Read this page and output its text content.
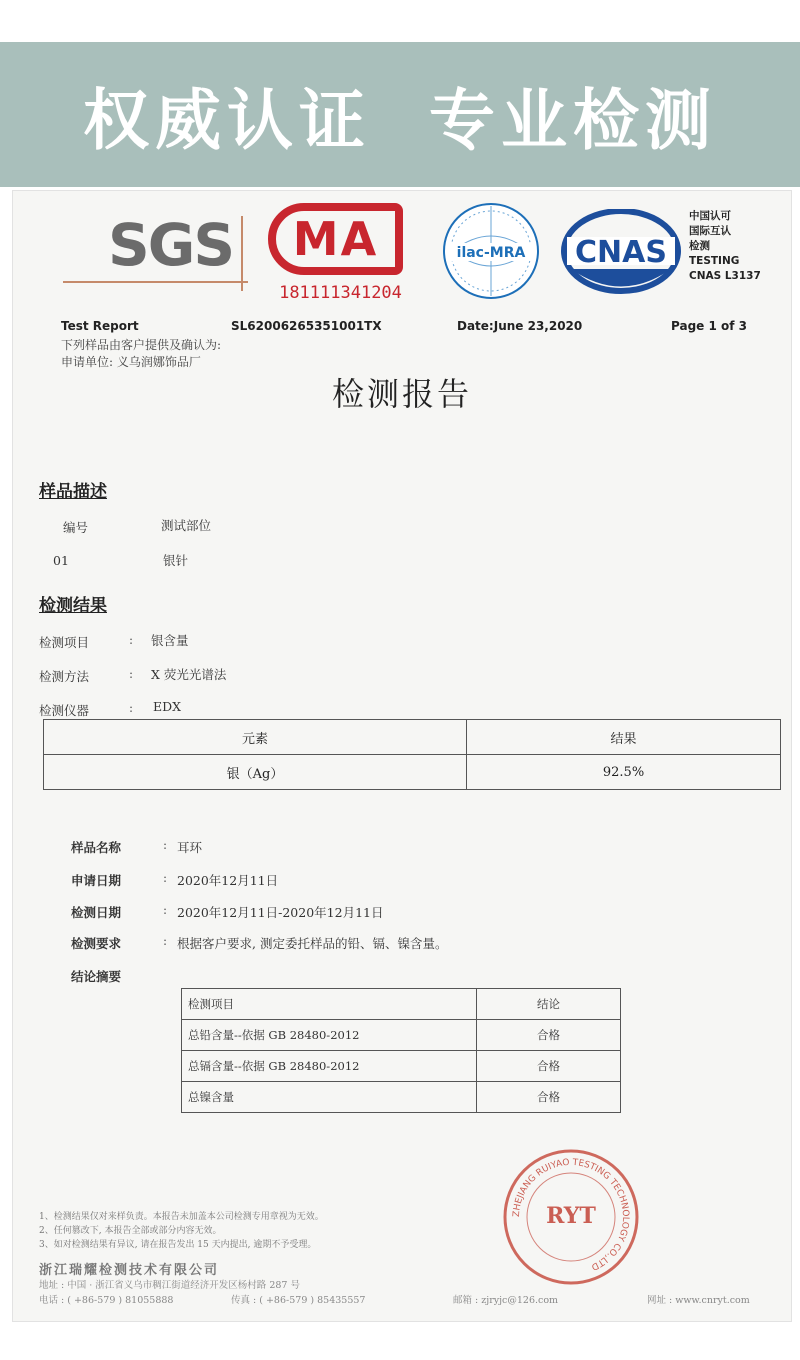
权威认证  专业检测
SGS MA
181111341204
ilac-MRA CNAS
中国认可
国际互认
检测
TESTING
CNAS L3137
Test Report	SL62006265351001TX	Date:June 23,2020	Page 1 of 3
下列样品由客户提供及确认为:
申请单位: 义乌润娜饰品厂
检测报告
样品描述
编号	测试部位
01	银针
检测结果
检测项目	: 银含量
检测方法	: X 荧光光谱法
检测仪器	: EDX
元素	结果
银（Ag）	92.5%
样品名称	: 耳环
申请日期	: 2020年12月11日
检测日期	: 2020年12月11日-2020年12月11日
检测要求	: 根据客户要求, 测定委托样品的铅、镉、镍含量。
结论摘要
检测项目	结论
总铅含量--依据 GB 28480-2012	合格
总镉含量--依据 GB 28480-2012	合格
总镍含量	合格
ZHEJIANG RUIYAO TESTING TECHNOLOGY CO.,LTD
RYT
1、检测结果仅对来样负责。本报告未加盖本公司检测专用章视为无效。
2、任何篡改下, 本报告全部或部分内容无效。
3、如对检测结果有异议, 请在报告发出 15 天内提出, 逾期不予受理。
浙江瑞耀检测技术有限公司
地址 : 中国 · 浙江省义乌市稠江街道经济开发区杨村路 287 号
电话 : ( +86-579 ) 81055888	传真 : ( +86-579 ) 85435557	邮箱 : zjryjc@126.com	网址 : www.cnryt.com
